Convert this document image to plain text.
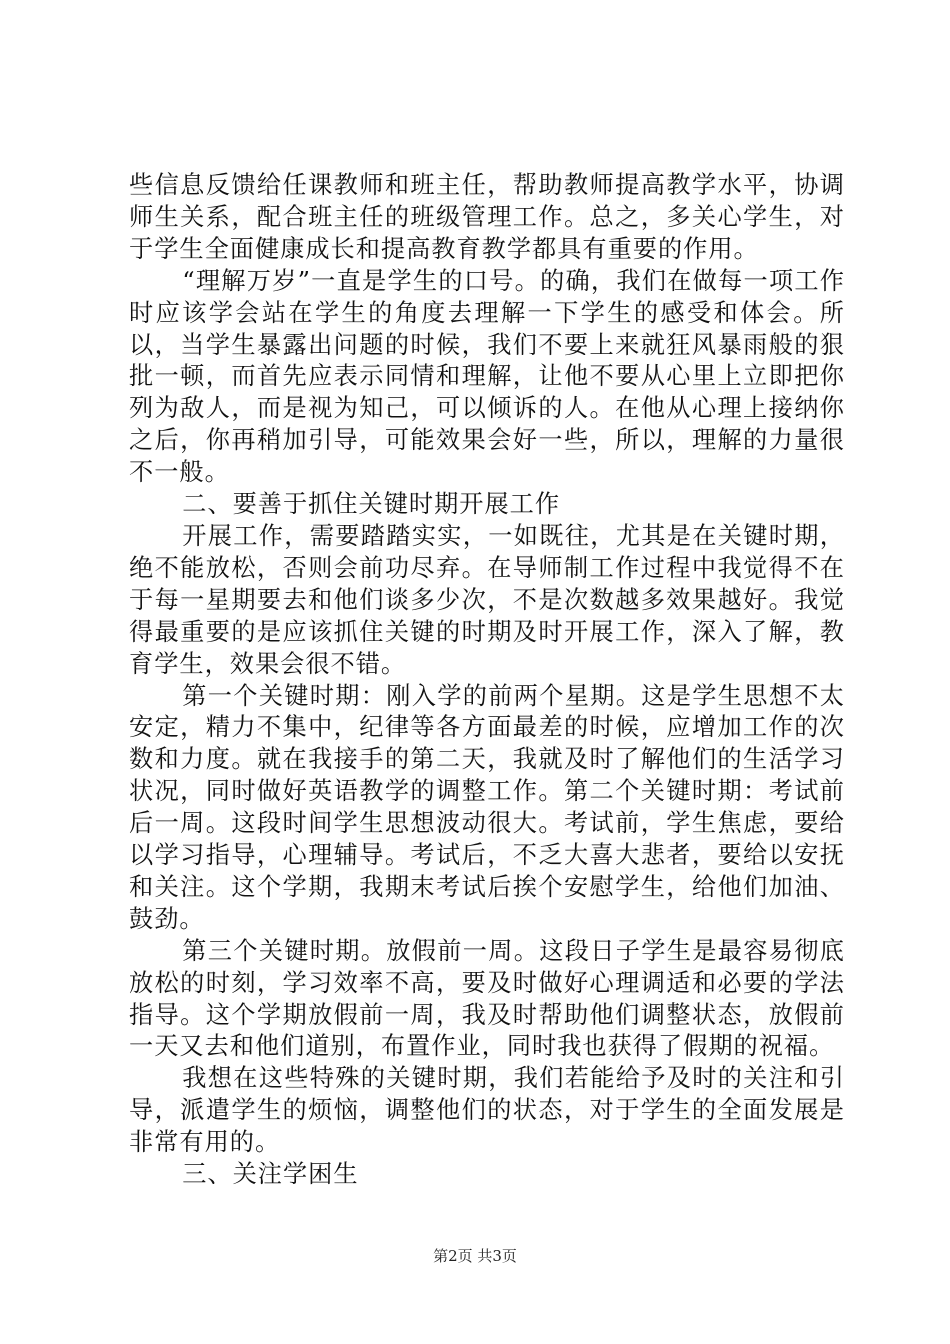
些信息反馈给任课教师和班主任，帮助教师提高教学水平，协调师生关系，配合班主任的班级管理工作。总之，多关心学生，对于学生全面健康成长和提高教育教学都具有重要的作用。

“理解万岁”一直是学生的口号。的确，我们在做每一项工作时应该学会站在学生的角度去理解一下学生的感受和体会。所以，当学生暴露出问题的时候，我们不要上来就狂风暴雨般的狠批一顿，而首先应表示同情和理解，让他不要从心里上立即把你列为敌人，而是视为知己，可以倾诉的人。在他从心理上接纳你之后，你再稍加引导，可能效果会好一些，所以，理解的力量很不一般。

二、要善于抓住关键时期开展工作

开展工作，需要踏踏实实，一如既往，尤其是在关键时期，绝不能放松，否则会前功尽弃。在导师制工作过程中我觉得不在于每一星期要去和他们谈多少次，不是次数越多效果越好。我觉得最重要的是应该抓住关键的时期及时开展工作，深入了解，教育学生，效果会很不错。

第一个关键时期：刚入学的前两个星期。这是学生思想不太安定，精力不集中，纪律等各方面最差的时候，应增加工作的次数和力度。就在我接手的第二天，我就及时了解他们的生活学习状况，同时做好英语教学的调整工作。第二个关键时期：考试前后一周。这段时间学生思想波动很大。考试前，学生焦虑，要给以学习指导，心理辅导。考试后，不乏大喜大悲者，要给以安抚和关注。这个学期，我期末考试后挨个安慰学生，给他们加油、鼓劲。

第三个关键时期。放假前一周。这段日子学生是最容易彻底放松的时刻，学习效率不高，要及时做好心理调适和必要的学法指导。这个学期放假前一周，我及时帮助他们调整状态，放假前一天又去和他们道别，布置作业，同时我也获得了假期的祝福。

我想在这些特殊的关键时期，我们若能给予及时的关注和引导，派遣学生的烦恼，调整他们的状态，对于学生的全面发展是非常有用的。

三、关注学困生
第2页 共3页
